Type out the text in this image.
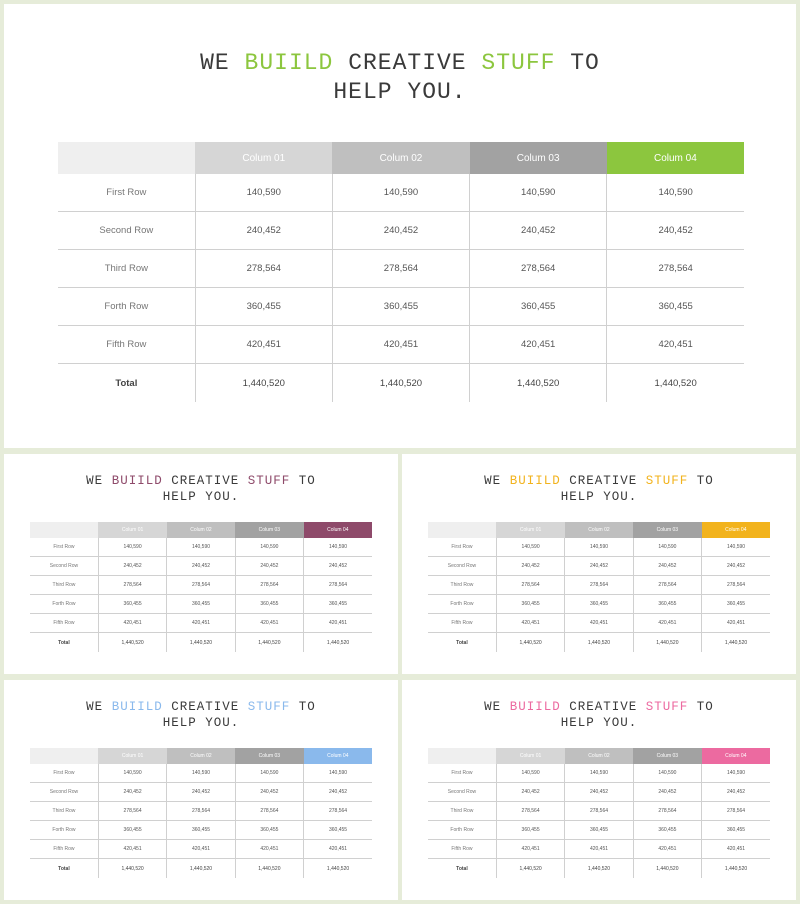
WE BUIILD CREATIVE STUFF TO
HELP YOU.
	Colum 01	Colum 02	Colum 03	Colum 04
First Row	140,590	140,590	140,590	140,590
Second Row	240,452	240,452	240,452	240,452
Third Row	278,564	278,564	278,564	278,564
Forth Row	360,455	360,455	360,455	360,455
Fifth Row	420,451	420,451	420,451	420,451
Total	1,440,520	1,440,520	1,440,520	1,440,520
WE BUIILD CREATIVE STUFF TO
HELP YOU.
	Colum 01	Colum 02	Colum 03	Colum 04
First Row	140,590	140,590	140,590	140,590
Second Row	240,452	240,452	240,452	240,452
Third Row	278,564	278,564	278,564	278,564
Forth Row	360,455	360,455	360,455	360,455
Fifth Row	420,451	420,451	420,451	420,451
Total	1,440,520	1,440,520	1,440,520	1,440,520
WE BUIILD CREATIVE STUFF TO
HELP YOU.
	Colum 01	Colum 02	Colum 03	Colum 04
First Row	140,590	140,590	140,590	140,590
Second Row	240,452	240,452	240,452	240,452
Third Row	278,564	278,564	278,564	278,564
Forth Row	360,455	360,455	360,455	360,455
Fifth Row	420,451	420,451	420,451	420,451
Total	1,440,520	1,440,520	1,440,520	1,440,520
WE BUIILD CREATIVE STUFF TO
HELP YOU.
	Colum 01	Colum 02	Colum 03	Colum 04
First Row	140,590	140,590	140,590	140,590
Second Row	240,452	240,452	240,452	240,452
Third Row	278,564	278,564	278,564	278,564
Forth Row	360,455	360,455	360,455	360,455
Fifth Row	420,451	420,451	420,451	420,451
Total	1,440,520	1,440,520	1,440,520	1,440,520
WE BUIILD CREATIVE STUFF TO
HELP YOU.
	Colum 01	Colum 02	Colum 03	Colum 04
First Row	140,590	140,590	140,590	140,590
Second Row	240,452	240,452	240,452	240,452
Third Row	278,564	278,564	278,564	278,564
Forth Row	360,455	360,455	360,455	360,455
Fifth Row	420,451	420,451	420,451	420,451
Total	1,440,520	1,440,520	1,440,520	1,440,520
